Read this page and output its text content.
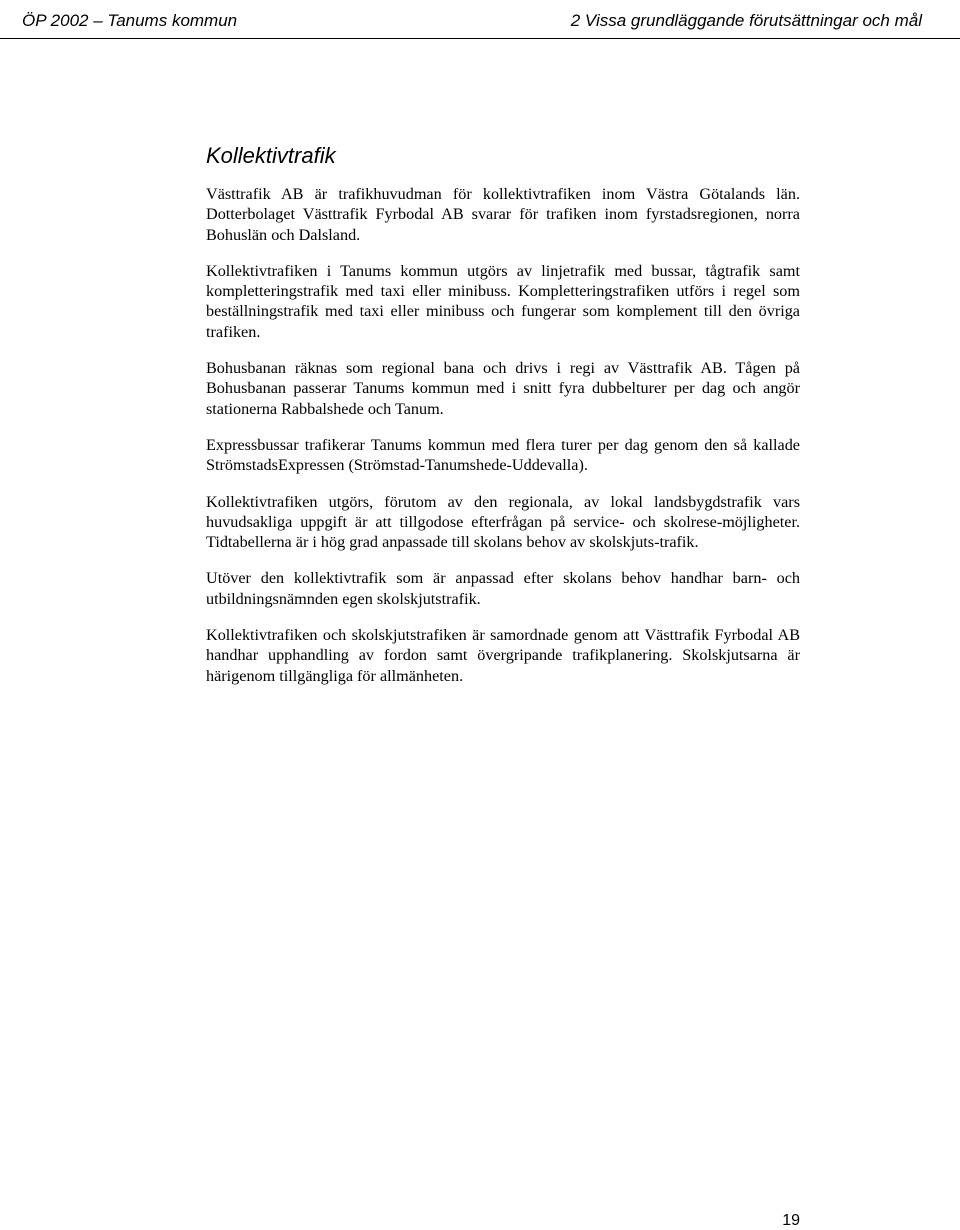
ÖP 2002 – Tanums kommun	2 Vissa grundläggande förutsättningar och mål
Kollektivtrafik

Västtrafik AB är trafikhuvudman för kollektivtrafiken inom Västra Götalands län. Dotterbolaget Västtrafik Fyrbodal AB svarar för trafiken inom fyrstadsregionen, norra Bohuslän och Dalsland.

Kollektivtrafiken i Tanums kommun utgörs av linjetrafik med bussar, tågtrafik samt kompletteringstrafik med taxi eller minibuss. Kompletteringstrafiken utförs i regel som beställningstrafik med taxi eller minibuss och fungerar som komplement till den övriga trafiken.

Bohusbanan räknas som regional bana och drivs i regi av Västtrafik AB. Tågen på Bohusbanan passerar Tanums kommun med i snitt fyra dubbelturer per dag och angör stationerna Rabbalshede och Tanum.

Expressbussar trafikerar Tanums kommun med flera turer per dag genom den så kallade StrömstadsExpressen (Strömstad-Tanumshede-Uddevalla).

Kollektivtrafiken utgörs, förutom av den regionala, av lokal landsbygdstrafik vars huvudsakliga uppgift är att tillgodose efterfrågan på service- och skolrese-möjligheter. Tidtabellerna är i hög grad anpassade till skolans behov av skolskjuts-trafik.

Utöver den kollektivtrafik som är anpassad efter skolans behov handhar barn- och utbildningsnämnden egen skolskjutstrafik.

Kollektivtrafiken och skolskjutstrafiken är samordnade genom att Västtrafik Fyrbodal AB handhar upphandling av fordon samt övergripande trafikplanering. Skolskjutsarna är härigenom tillgängliga för allmänheten.

19
